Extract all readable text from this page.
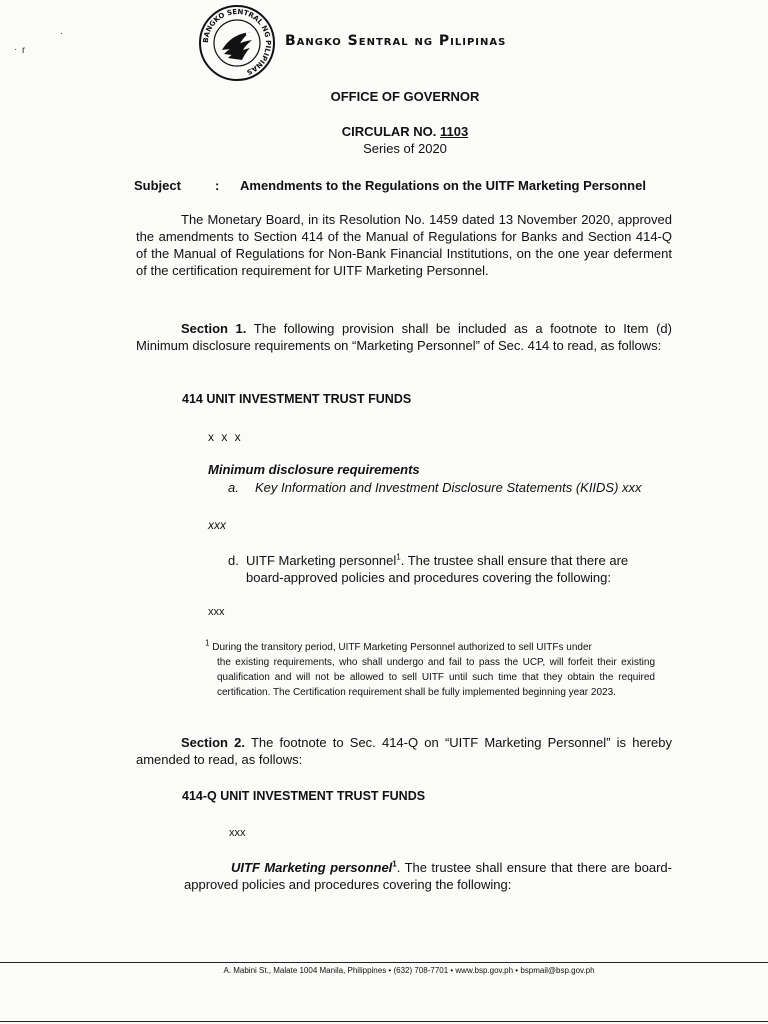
· r
·
BANGKO SENTRAL NG PILIPINAS
Bangko Sentral ng Pilipinas
OFFICE OF GOVERNOR
CIRCULAR NO. 1103
Series of 2020
Subject	: Amendments to the Regulations on the UITF Marketing Personnel
The Monetary Board, in its Resolution No. 1459 dated 13 November 2020, approved the amendments to Section 414 of the Manual of Regulations for Banks and Section 414-Q of the Manual of Regulations for Non-Bank Financial Institutions, on the one year deferment of the certification requirement for UITF Marketing Personnel.
Section 1. The following provision shall be included as a footnote to Item (d) Minimum disclosure requirements on “Marketing Personnel” of Sec. 414 to read, as follows:
414 UNIT INVESTMENT TRUST FUNDS
x x x
Minimum disclosure requirements
a. Key Information and Investment Disclosure Statements (KIIDS) xxx
xxx
d. UITF Marketing personnel$^1$. The trustee shall ensure that there are
board-approved policies and procedures covering the following:
xxx
$^1$ During the transitory period, UITF Marketing Personnel authorized to sell UITFs under
the existing requirements, who shall undergo and fail to pass the UCP, will forfeit their existing qualification and will not be allowed to sell UITF until such time that they obtain the required certification. The Certification requirement shall be fully implemented beginning year 2023.
Section 2. The footnote to Sec. 414-Q on “UITF Marketing Personnel” is hereby amended to read, as follows:
414-Q UNIT INVESTMENT TRUST FUNDS
xxx
UITF Marketing personnel$^1$. The trustee shall ensure that there are board-approved policies and procedures covering the following:
A. Mabini St., Malate 1004 Manila, Philippines • (632) 708-7701 • www.bsp.gov.ph • bspmail@bsp.gov.ph
